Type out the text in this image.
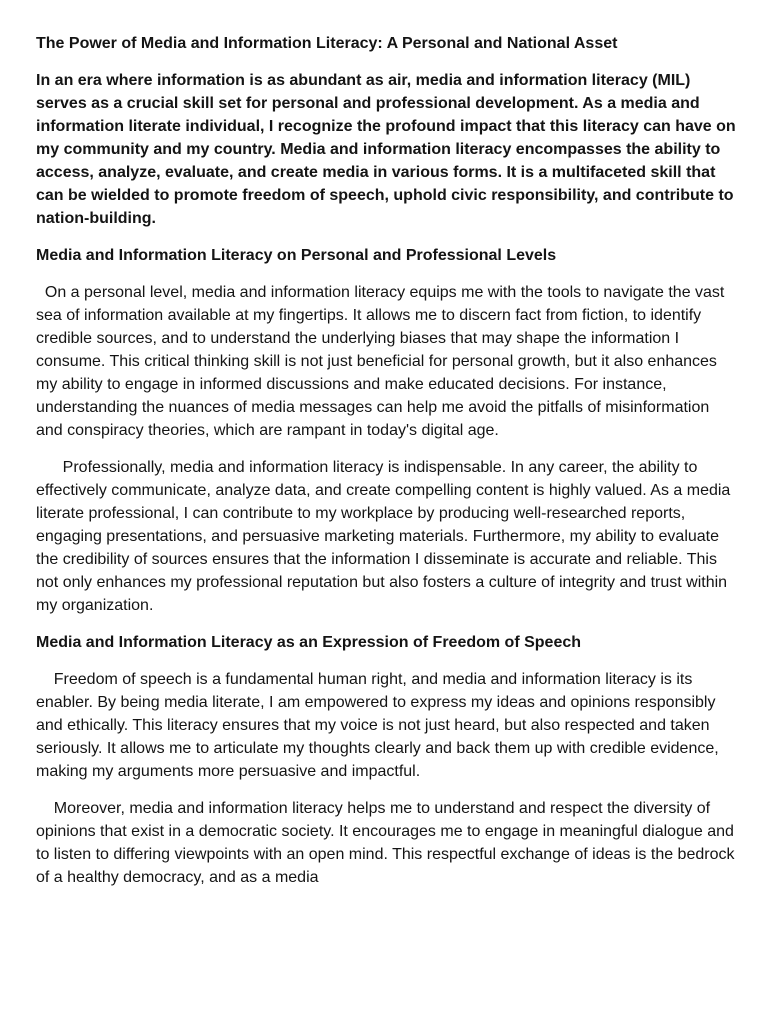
The Power of Media and Information Literacy: A Personal and National Asset

In an era where information is as abundant as air, media and information literacy (MIL) serves as a crucial skill set for personal and professional development. As a media and information literate individual, I recognize the profound impact that this literacy can have on my community and my country. Media and information literacy encompasses the ability to access, analyze, evaluate, and create media in various forms. It is a multifaceted skill that can be wielded to promote freedom of speech, uphold civic responsibility, and contribute to nation-building.

Media and Information Literacy on Personal and Professional Levels

On a personal level, media and information literacy equips me with the tools to navigate the vast sea of information available at my fingertips. It allows me to discern fact from fiction, to identify credible sources, and to understand the underlying biases that may shape the information I consume. This critical thinking skill is not just beneficial for personal growth, but it also enhances my ability to engage in informed discussions and make educated decisions. For instance, understanding the nuances of media messages can help me avoid the pitfalls of misinformation and conspiracy theories, which are rampant in today's digital age.

Professionally, media and information literacy is indispensable. In any career, the ability to effectively communicate, analyze data, and create compelling content is highly valued. As a media literate professional, I can contribute to my workplace by producing well-researched reports, engaging presentations, and persuasive marketing materials. Furthermore, my ability to evaluate the credibility of sources ensures that the information I disseminate is accurate and reliable. This not only enhances my professional reputation but also fosters a culture of integrity and trust within my organization.

Media and Information Literacy as an Expression of Freedom of Speech

Freedom of speech is a fundamental human right, and media and information literacy is its enabler. By being media literate, I am empowered to express my ideas and opinions responsibly and ethically. This literacy ensures that my voice is not just heard, but also respected and taken seriously. It allows me to articulate my thoughts clearly and back them up with credible evidence, making my arguments more persuasive and impactful.

Moreover, media and information literacy helps me to understand and respect the diversity of opinions that exist in a democratic society. It encourages me to engage in meaningful dialogue and to listen to differing viewpoints with an open mind. This respectful exchange of ideas is the bedrock of a healthy democracy, and as a media
